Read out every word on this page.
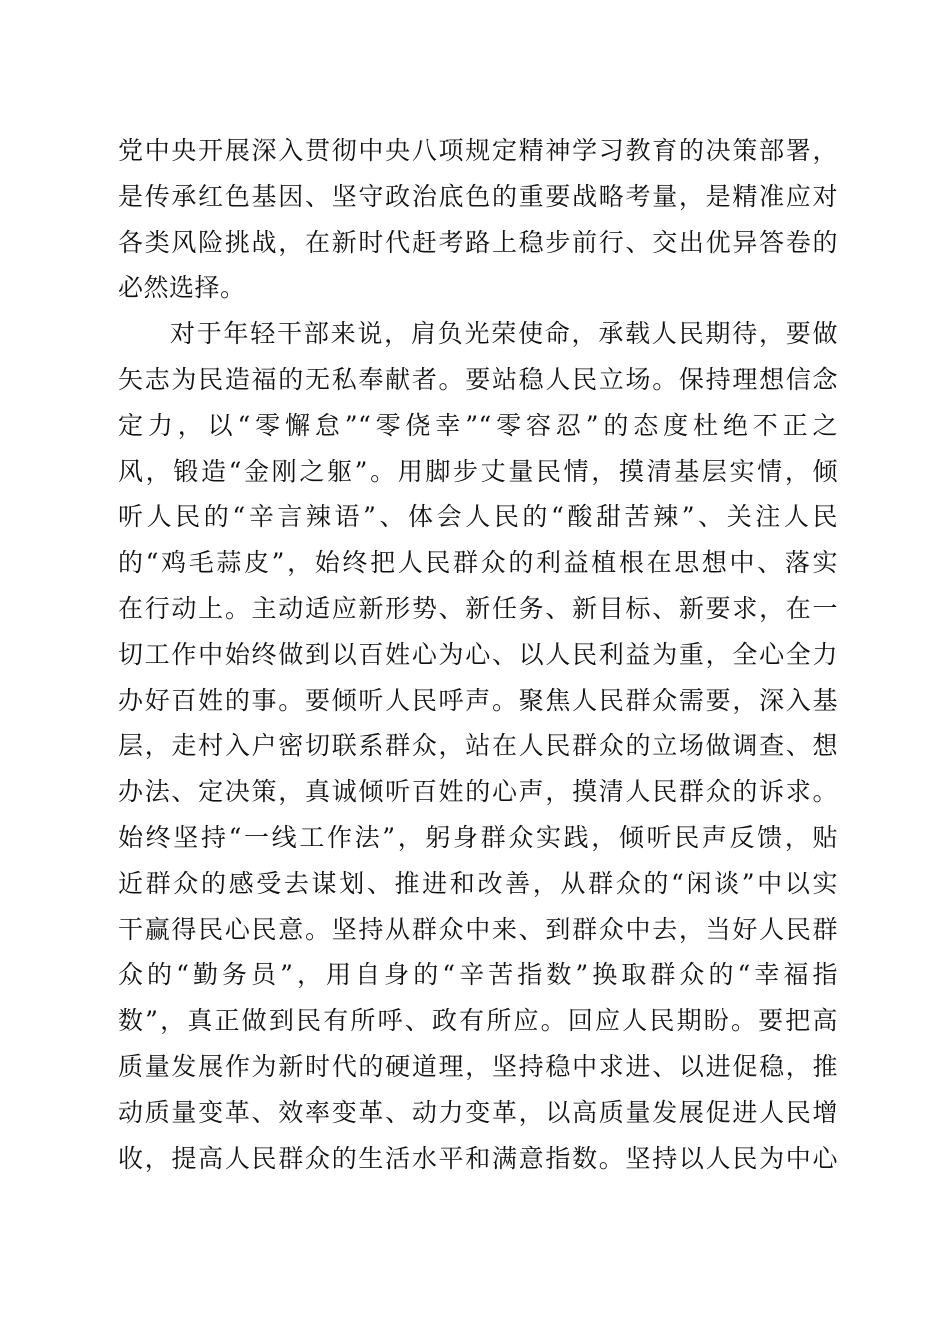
党中央开展深入贯彻中央八项规定精神学习教育的决策部署，
是传承红色基因、坚守政治底色的重要战略考量，是精准应对
各类风险挑战，在新时代赶考路上稳步前行、交出优异答卷的
必然选择。
对于年轻干部来说，肩负光荣使命，承载人民期待，要做
矢志为民造福的无私奉献者。要站稳人民立场。保持理想信念
定力，以“零懈怠”“零侥幸”“零容忍”的态度杜绝不正之
风，锻造“金刚之躯”。用脚步丈量民情，摸清基层实情，倾
听人民的“辛言辣语”、体会人民的“酸甜苦辣”、关注人民
的“鸡毛蒜皮”，始终把人民群众的利益植根在思想中、落实
在行动上。主动适应新形势、新任务、新目标、新要求，在一
切工作中始终做到以百姓心为心、以人民利益为重，全心全力
办好百姓的事。要倾听人民呼声。聚焦人民群众需要，深入基
层，走村入户密切联系群众，站在人民群众的立场做调查、想
办法、定决策，真诚倾听百姓的心声，摸清人民群众的诉求。
始终坚持“一线工作法”，躬身群众实践，倾听民声反馈，贴
近群众的感受去谋划、推进和改善，从群众的“闲谈”中以实
干赢得民心民意。坚持从群众中来、到群众中去，当好人民群
众的“勤务员”，用自身的“辛苦指数”换取群众的“幸福指
数”，真正做到民有所呼、政有所应。回应人民期盼。要把高
质量发展作为新时代的硬道理，坚持稳中求进、以进促稳，推
动质量变革、效率变革、动力变革，以高质量发展促进人民增
收，提高人民群众的生活水平和满意指数。坚持以人民为中心
